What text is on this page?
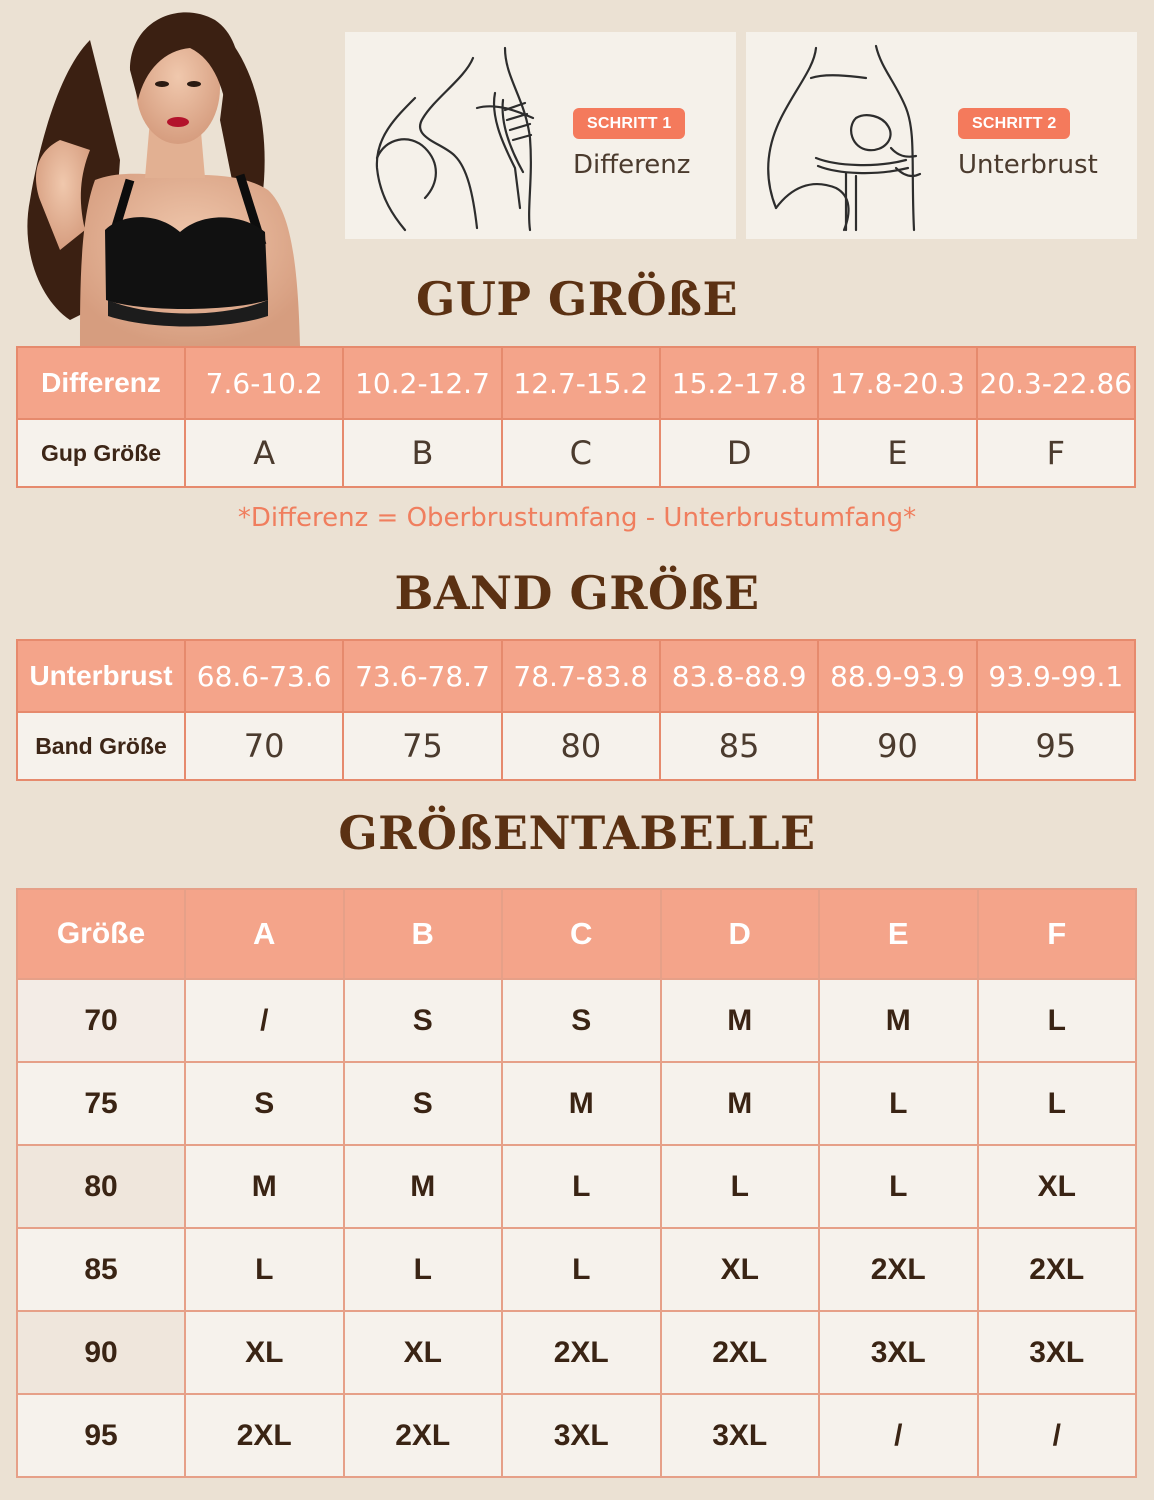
SCHRITT 1
Differenz
SCHRITT 2
Unterbrust
GUP GRÖßE
Differenz	7.6-10.2	10.2-12.7	12.7-15.2	15.2-17.8	17.8-20.3	20.3-22.86
Gup Größe	A	B	C	D	E	F
*Differenz = Oberbrustumfang - Unterbrustumfang*
BAND GRÖßE
Unterbrust	68.6-73.6	73.6-78.7	78.7-83.8	83.8-88.9	88.9-93.9	93.9-99.1
Band Größe	70	75	80	85	90	95
GRÖßENTABELLE
Größe	A	B	C	D	E	F
70	/	S	S	M	M	L
75	S	S	M	M	L	L
80	M	M	L	L	L	XL
85	L	L	L	XL	2XL	2XL
90	XL	XL	2XL	2XL	3XL	3XL
95	2XL	2XL	3XL	3XL	/	/
